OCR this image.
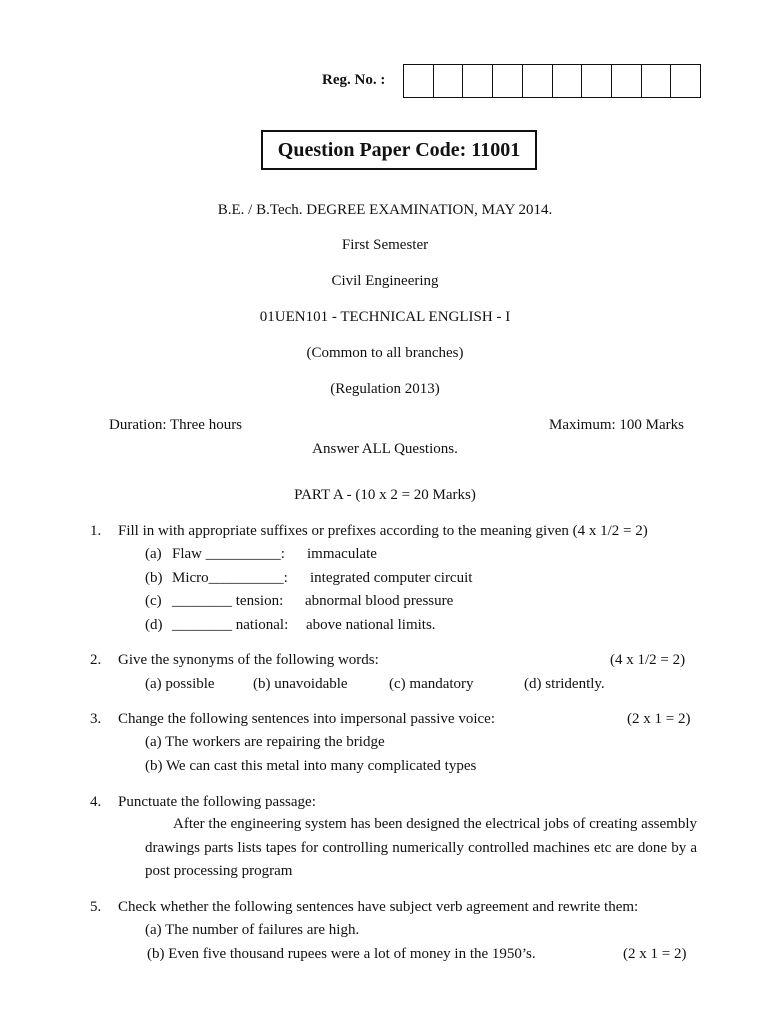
Reg. No. :
Question Paper Code: 11001
B.E. / B.Tech. DEGREE EXAMINATION, MAY 2014.
First Semester
Civil Engineering
01UEN101 - TECHNICAL ENGLISH - I
(Common to all branches)
(Regulation 2013)
Duration: Three hours	Maximum: 100 Marks
Answer ALL Questions.
PART A - (10 x 2 = 20 Marks)
1. Fill in with appropriate suffixes or prefixes according to the meaning given (4 x 1/2 = 2)
(a) Flaw __________: immaculate
(b) Micro__________: integrated computer circuit
(c) ________ tension: abnormal blood pressure
(d) ________ national: above national limits.
2. Give the synonyms of the following words:	(4 x 1/2 = 2)
(a) possible	(b) unavoidable	(c) mandatory	(d) stridently.
3. Change the following sentences into impersonal passive voice:	(2 x 1 = 2)
(a) The workers are repairing the bridge
(b) We can cast this metal into many complicated types
4. Punctuate the following passage:
After the engineering system has been designed the electrical jobs of creating assembly drawings parts lists tapes for controlling numerically controlled machines etc are done by a post processing program
5. Check whether the following sentences have subject verb agreement and rewrite them:
(a) The number of failures are high.
(b) Even five thousand rupees were a lot of money in the 1950’s.	(2 x 1 = 2)
